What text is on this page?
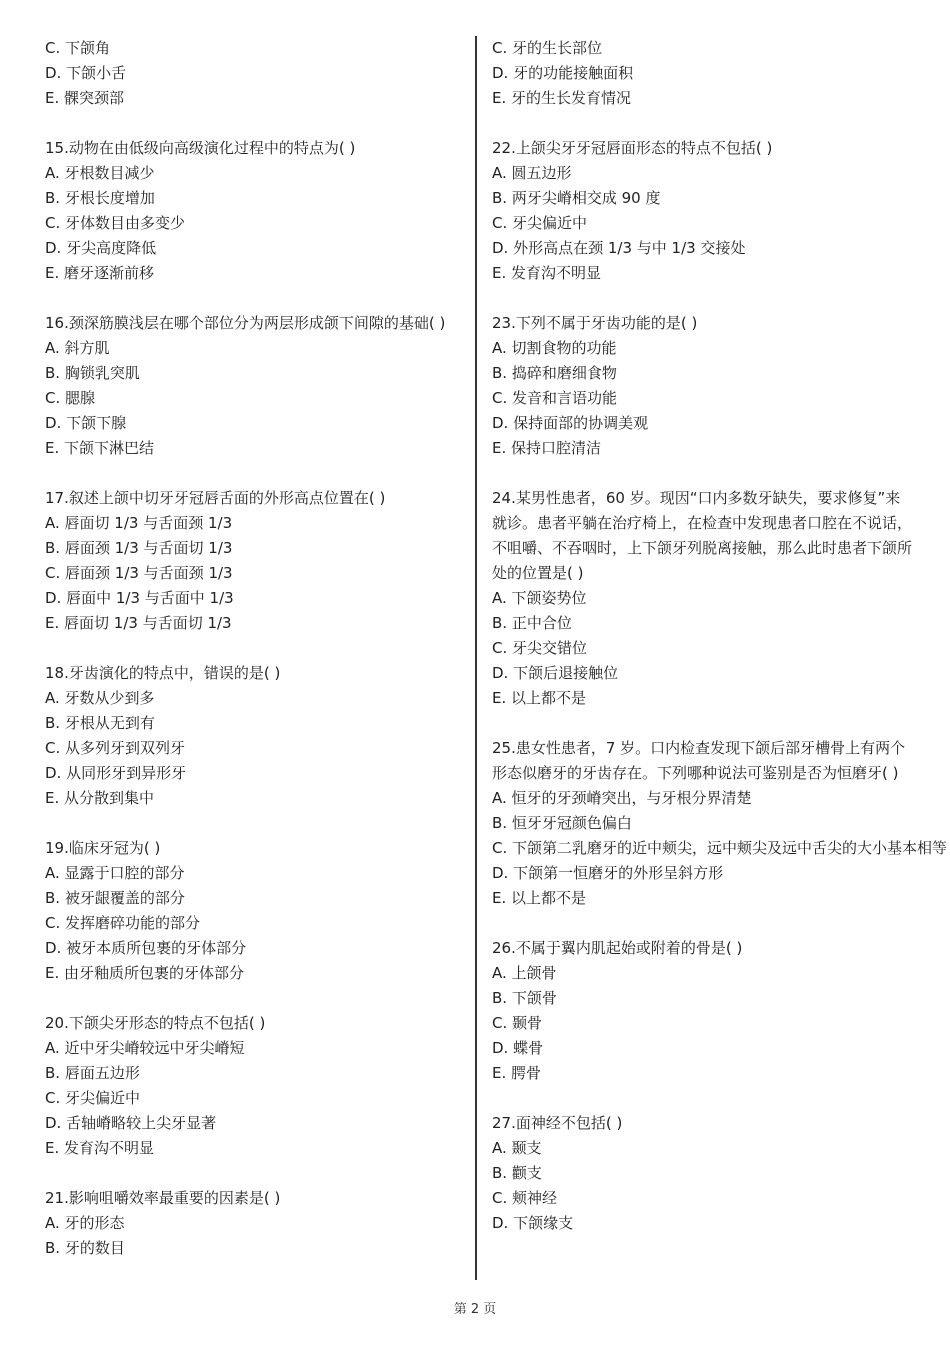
C. 下颌角

D. 下颌小舌

E. 髁突颈部

15.动物在由低级向高级演化过程中的特点为( )

A. 牙根数目减少

B. 牙根长度增加

C. 牙体数目由多变少

D. 牙尖高度降低

E. 磨牙逐渐前移

16.颈深筋膜浅层在哪个部位分为两层形成颌下间隙的基础( )

A. 斜方肌

B. 胸锁乳突肌

C. 腮腺

D. 下颌下腺

E. 下颌下淋巴结

17.叙述上颌中切牙牙冠唇舌面的外形高点位置在( )

A. 唇面切 1/3 与舌面颈 1/3

B. 唇面颈 1/3 与舌面切 1/3

C. 唇面颈 1/3 与舌面颈 1/3

D. 唇面中 1/3 与舌面中 1/3

E. 唇面切 1/3 与舌面切 1/3

18.牙齿演化的特点中，错误的是( )

A. 牙数从少到多

B. 牙根从无到有

C. 从多列牙到双列牙

D. 从同形牙到异形牙

E. 从分散到集中

19.临床牙冠为( )

A. 显露于口腔的部分

B. 被牙龈覆盖的部分

C. 发挥磨碎功能的部分

D. 被牙本质所包裹的牙体部分

E. 由牙釉质所包裹的牙体部分

20.下颌尖牙形态的特点不包括( )

A. 近中牙尖嵴较远中牙尖嵴短

B. 唇面五边形

C. 牙尖偏近中

D. 舌轴嵴略较上尖牙显著

E. 发育沟不明显

21.影响咀嚼效率最重要的因素是( )

A. 牙的形态

B. 牙的数目

C. 牙的生长部位

D. 牙的功能接触面积

E. 牙的生长发育情况

22.上颌尖牙牙冠唇面形态的特点不包括( )

A. 圆五边形

B. 两牙尖嵴相交成 90 度

C. 牙尖偏近中

D. 外形高点在颈 1/3 与中 1/3 交接处

E. 发育沟不明显

23.下列不属于牙齿功能的是( )

A. 切割食物的功能

B. 捣碎和磨细食物

C. 发音和言语功能

D. 保持面部的协调美观

E. 保持口腔清洁

24.某男性患者，60 岁。现因“口内多数牙缺失，要求修复”来就诊。患者平躺在治疗椅上，在检查中发现患者口腔在不说话，不咀嚼、不吞咽时，上下颌牙列脱离接触，那么此时患者下颌所处的位置是( )

A. 下颌姿势位

B. 正中合位

C. 牙尖交错位

D. 下颌后退接触位

E. 以上都不是

25.患女性患者，7 岁。口内检查发现下颌后部牙槽骨上有两个形态似磨牙的牙齿存在。下列哪种说法可鉴别是否为恒磨牙( )

A. 恒牙的牙颈嵴突出，与牙根分界清楚

B. 恒牙牙冠颜色偏白

C. 下颌第二乳磨牙的近中颊尖，远中颊尖及远中舌尖的大小基本相等

D. 下颌第一恒磨牙的外形呈斜方形

E. 以上都不是

26.不属于翼内肌起始或附着的骨是( )

A. 上颌骨

B. 下颌骨

C. 颞骨

D. 蝶骨

E. 腭骨

27.面神经不包括( )

A. 颞支

B. 颧支

C. 颊神经

D. 下颌缘支

第 2 页
